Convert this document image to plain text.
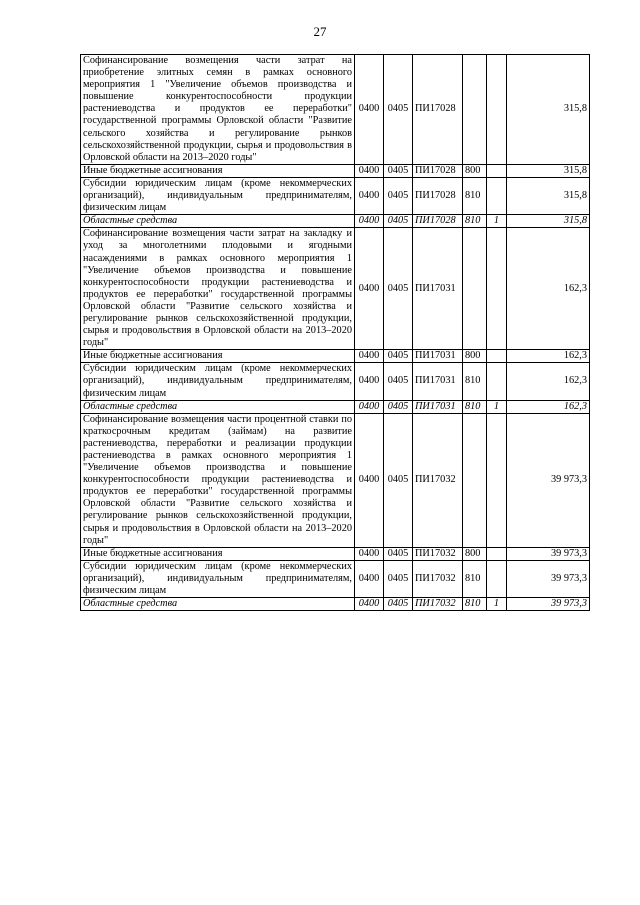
27
Софинансирование возмещения части затрат на приобретение элитных семян в рамках основного мероприятия 1 "Увеличение объемов производства и повышение конкурентоспособности продукции растениеводства и продуктов ее переработки" государственной программы Орловской области "Развитие сельского хозяйства и регулирование рынков сельскохозяйственной продукции, сырья и продовольствия в Орловской области на 2013–2020 годы"	0400	0405	ПИ17028			315,8
Иные бюджетные ассигнования	0400	0405	ПИ17028	800		315,8
Субсидии юридическим лицам (кроме некоммерческих организаций), индивидуальным предпринимателям, физическим лицам	0400	0405	ПИ17028	810		315,8
Областные средства	0400	0405	ПИ17028	810	1	315,8
Софинансирование возмещения части затрат на закладку и уход за многолетними плодовыми и ягодными насаждениями в рамках основного мероприятия 1 "Увеличение объемов производства и повышение конкурентоспособности продукции растениеводства и продуктов ее переработки" государственной программы Орловской области "Развитие сельского хозяйства и регулирование рынков сельскохозяйственной продукции, сырья и продовольствия в Орловской области на 2013–2020 годы"	0400	0405	ПИ17031			162,3
Иные бюджетные ассигнования	0400	0405	ПИ17031	800		162,3
Субсидии юридическим лицам (кроме некоммерческих организаций), индивидуальным предпринимателям, физическим лицам	0400	0405	ПИ17031	810		162,3
Областные средства	0400	0405	ПИ17031	810	1	162,3
Софинансирование возмещения части процентной ставки по краткосрочным кредитам (займам) на развитие растениеводства, переработки и реализации продукции растениеводства в рамках основного мероприятия 1 "Увеличение объемов производства и повышение конкурентоспособности продукции растениеводства и продуктов ее переработки" государственной программы Орловской области "Развитие сельского хозяйства и регулирование рынков сельскохозяйственной продукции, сырья и продовольствия в Орловской области на 2013–2020 годы"	0400	0405	ПИ17032			39 973,3
Иные бюджетные ассигнования	0400	0405	ПИ17032	800		39 973,3
Субсидии юридическим лицам (кроме некоммерческих организаций), индивидуальным предпринимателям, физическим лицам	0400	0405	ПИ17032	810		39 973,3
Областные средства	0400	0405	ПИ17032	810	1	39 973,3
